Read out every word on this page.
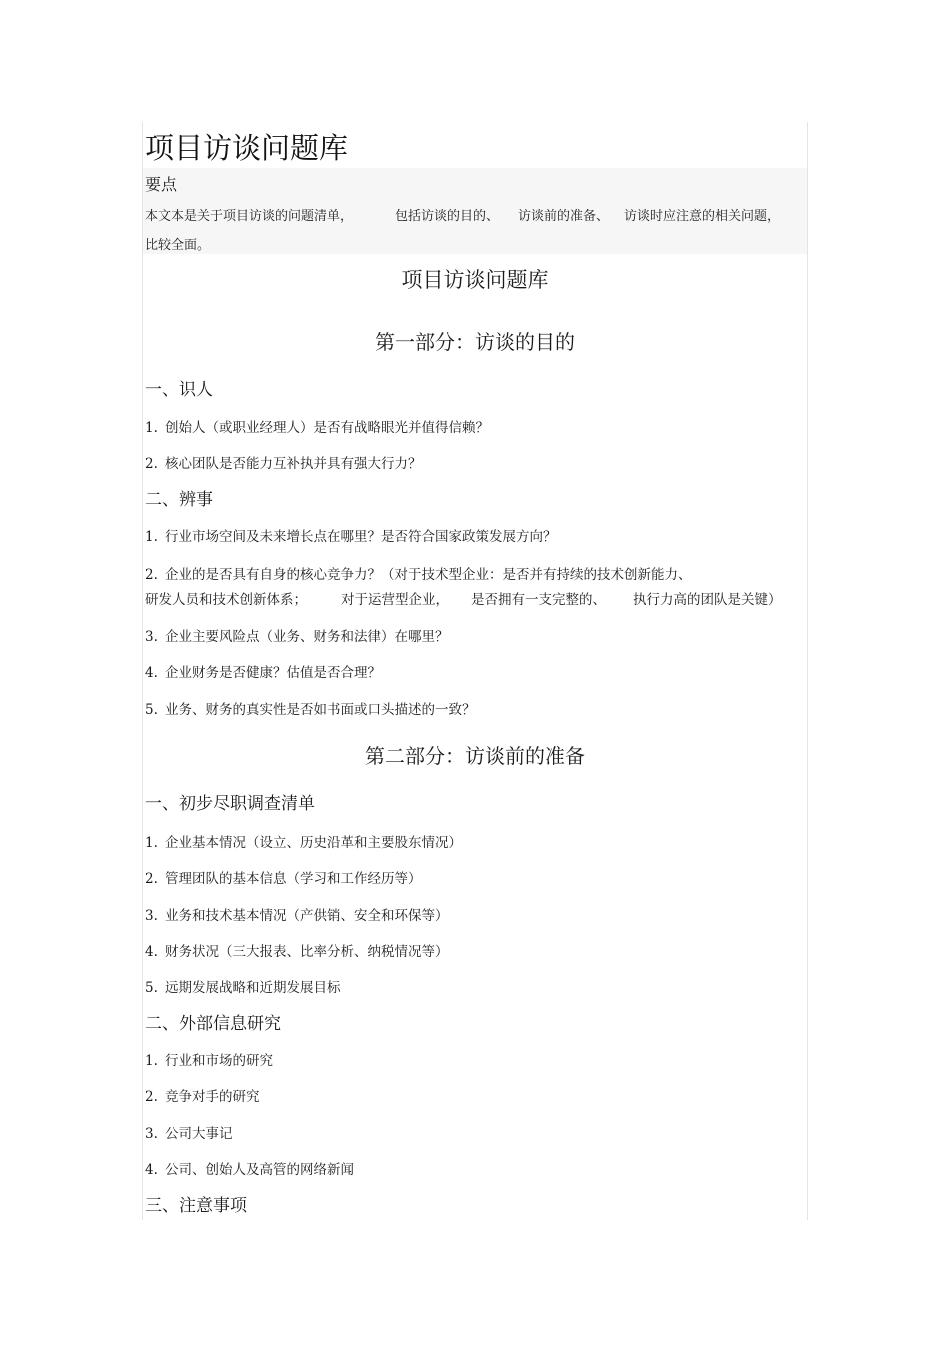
项目访谈问题库
要点
本文本是关于项目访谈的问题清单，	包括访谈的目的、 访谈前的准备、 访谈时应注意的相关问题，
比较全面。
项目访谈问题库
第一部分：访谈的目的
一、识人
1. 创始人（或职业经理人）是否有战略眼光并值得信赖？
2. 核心团队是否能力互补执并具有强大行力？
二、辨事
1. 行业市场空间及未来增长点在哪里？是否符合国家政策发展方向？
2. 企业的是否具有自身的核心竞争力？（对于技术型企业：是否并有持续的技术创新能力、
研发人员和技术创新体系；	对于运营型企业， 是否拥有一支完整的、 执行力高的团队是关键）
3. 企业主要风险点（业务、财务和法律）在哪里？
4. 企业财务是否健康？估值是否合理？
5. 业务、财务的真实性是否如书面或口头描述的一致？
第二部分：访谈前的准备
一、初步尽职调查清单
1. 企业基本情况（设立、历史沿革和主要股东情况）
2. 管理团队的基本信息（学习和工作经历等）
3. 业务和技术基本情况（产供销、安全和环保等）
4. 财务状况（三大报表、比率分析、纳税情况等）
5. 远期发展战略和近期发展目标
二、外部信息研究
1. 行业和市场的研究
2. 竞争对手的研究
3. 公司大事记
4. 公司、创始人及高管的网络新闻
三、注意事项
